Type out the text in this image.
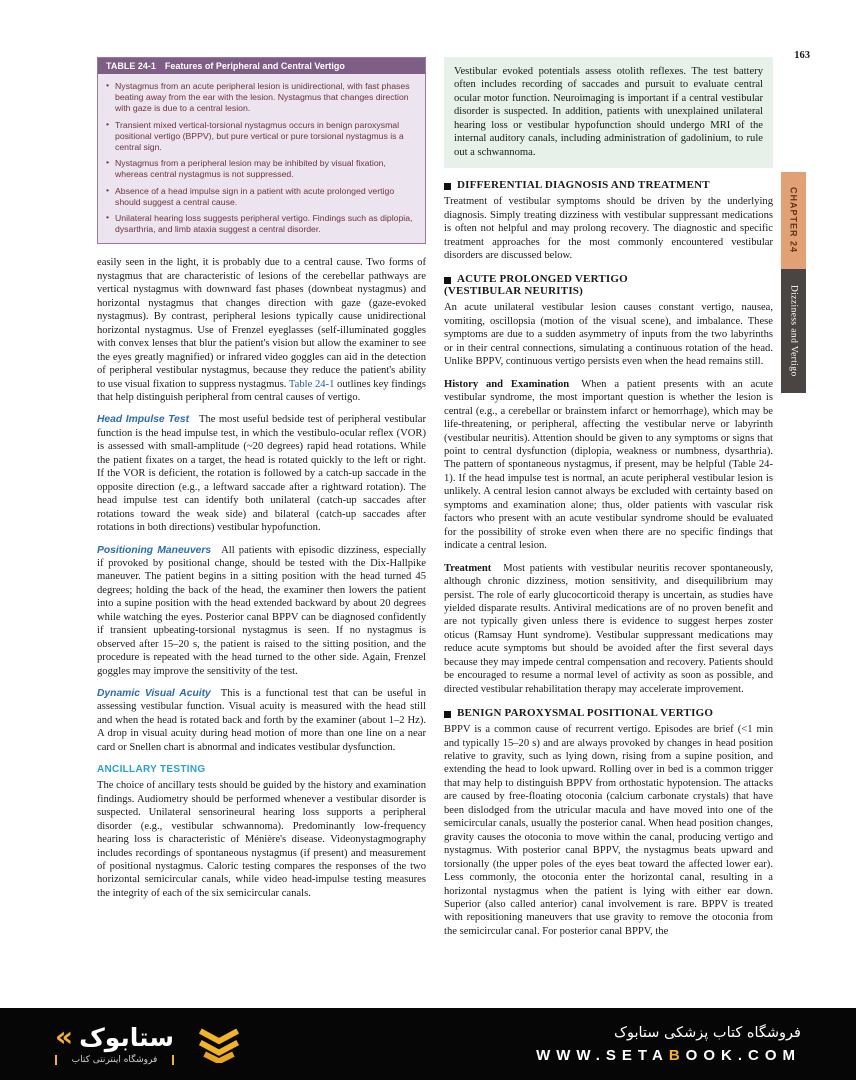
163
CHAPTER 24
Dizziness and Vertigo
TABLE 24-1 Features of Peripheral and Central Vertigo
• Nystagmus from an acute peripheral lesion is unidirectional, with fast phases beating away from the ear with the lesion. Nystagmus that changes direction with gaze is due to a central lesion.
• Transient mixed vertical-torsional nystagmus occurs in benign paroxysmal positional vertigo (BPPV), but pure vertical or pure torsional nystagmus is a central sign.
• Nystagmus from a peripheral lesion may be inhibited by visual fixation, whereas central nystagmus is not suppressed.
• Absence of a head impulse sign in a patient with acute prolonged vertigo should suggest a central cause.
• Unilateral hearing loss suggests peripheral vertigo. Findings such as diplopia, dysarthria, and limb ataxia suggest a central disorder.

easily seen in the light, it is probably due to a central cause. Two forms of nystagmus that are characteristic of lesions of the cerebellar pathways are vertical nystagmus with downward fast phases (downbeat nystagmus) and horizontal nystagmus that changes direction with gaze (gaze-evoked nystagmus). By contrast, peripheral lesions typically cause unidirectional horizontal nystagmus. Use of Frenzel eyeglasses (self-illuminated goggles with convex lenses that blur the patient's vision but allow the examiner to see the eyes greatly magnified) or infrared video goggles can aid in the detection of peripheral vestibular nystagmus, because they reduce the patient's ability to use visual fixation to suppress nystagmus. Table 24-1 outlines key findings that help distinguish peripheral from central causes of vertigo.

Head Impulse Test The most useful bedside test of peripheral vestibular function is the head impulse test, in which the vestibulo-ocular reflex (VOR) is assessed with small-amplitude (~20 degrees) rapid head rotations. While the patient fixates on a target, the head is rotated quickly to the left or right. If the VOR is deficient, the rotation is followed by a catch-up saccade in the opposite direction (e.g., a leftward saccade after a rightward rotation). The head impulse test can identify both unilateral (catch-up saccades after rotations toward the weak side) and bilateral (catch-up saccades after rotations in both directions) vestibular hypofunction.

Positioning Maneuvers All patients with episodic dizziness, especially if provoked by positional change, should be tested with the Dix-Hallpike maneuver. The patient begins in a sitting position with the head turned 45 degrees; holding the back of the head, the examiner then lowers the patient into a supine position with the head extended backward by about 20 degrees while watching the eyes. Posterior canal BPPV can be diagnosed confidently if transient upbeating-torsional nystagmus is seen. If no nystagmus is observed after 15–20 s, the patient is raised to the sitting position, and the procedure is repeated with the head turned to the other side. Again, Frenzel goggles may improve the sensitivity of the test.

Dynamic Visual Acuity This is a functional test that can be useful in assessing vestibular function. Visual acuity is measured with the head still and when the head is rotated back and forth by the examiner (about 1–2 Hz). A drop in visual acuity during head motion of more than one line on a near card or Snellen chart is abnormal and indicates vestibular dysfunction.

ANCILLARY TESTING

The choice of ancillary tests should be guided by the history and examination findings. Audiometry should be performed whenever a vestibular disorder is suspected. Unilateral sensorineural hearing loss supports a peripheral disorder (e.g., vestibular schwannoma). Predominantly low-frequency hearing loss is characteristic of Ménière's disease. Videonystagmography includes recordings of spontaneous nystagmus (if present) and measurement of positional nystagmus. Caloric testing compares the responses of the two horizontal semicircular canals, while video head-impulse testing measures the integrity of each of the six semicircular canals.

Vestibular evoked potentials assess otolith reflexes. The test battery often includes recording of saccades and pursuit to evaluate central ocular motor function. Neuroimaging is important if a central vestibular disorder is suspected. In addition, patients with unexplained unilateral hearing loss or vestibular hypofunction should undergo MRI of the internal auditory canals, including administration of gadolinium, to rule out a schwannoma.
DIFFERENTIAL DIAGNOSIS AND TREATMENT

Treatment of vestibular symptoms should be driven by the underlying diagnosis. Simply treating dizziness with vestibular suppressant medications is often not helpful and may prolong recovery. The diagnostic and specific treatment approaches for the most commonly encountered vestibular disorders are discussed below.

ACUTE PROLONGED VERTIGO
(VESTIBULAR NEURITIS)

An acute unilateral vestibular lesion causes constant vertigo, nausea, vomiting, oscillopsia (motion of the visual scene), and imbalance. These symptoms are due to a sudden asymmetry of inputs from the two labyrinths or in their central connections, simulating a continuous rotation of the head. Unlike BPPV, continuous vertigo persists even when the head remains still.

History and Examination When a patient presents with an acute vestibular syndrome, the most important question is whether the lesion is central (e.g., a cerebellar or brainstem infarct or hemorrhage), which may be life-threatening, or peripheral, affecting the vestibular nerve or labyrinth (vestibular neuritis). Attention should be given to any symptoms or signs that point to central dysfunction (diplopia, weakness or numbness, dysarthria). The pattern of spontaneous nystagmus, if present, may be helpful (Table 24-1). If the head impulse test is normal, an acute peripheral vestibular lesion is unlikely. A central lesion cannot always be excluded with certainty based on symptoms and examination alone; thus, older patients with vascular risk factors who present with an acute vestibular syndrome should be evaluated for the possibility of stroke even when there are no specific findings that indicate a central lesion.

Treatment Most patients with vestibular neuritis recover spontaneously, although chronic dizziness, motion sensitivity, and disequilibrium may persist. The role of early glucocorticoid therapy is uncertain, as studies have yielded disparate results. Antiviral medications are of no proven benefit and are not typically given unless there is evidence to suggest herpes zoster oticus (Ramsay Hunt syndrome). Vestibular suppressant medications may reduce acute symptoms but should be avoided after the first several days because they may impede central compensation and recovery. Patients should be encouraged to resume a normal level of activity as soon as possible, and directed vestibular rehabilitation therapy may accelerate improvement.

BENIGN PAROXYSMAL POSITIONAL VERTIGO

BPPV is a common cause of recurrent vertigo. Episodes are brief (<1 min and typically 15–20 s) and are always provoked by changes in head position relative to gravity, such as lying down, rising from a supine position, and extending the head to look upward. Rolling over in bed is a common trigger that may help to distinguish BPPV from orthostatic hypotension. The attacks are caused by free-floating otoconia (calcium carbonate crystals) that have been dislodged from the utricular macula and have moved into one of the semicircular canals, usually the posterior canal. When head position changes, gravity causes the otoconia to move within the canal, producing vertigo and nystagmus. With posterior canal BPPV, the nystagmus beats upward and torsionally (the upper poles of the eyes beat toward the affected lower ear). Less commonly, the otoconia enter the horizontal canal, resulting in a horizontal nystagmus when the patient is lying with either ear down. Superior (also called anterior) canal involvement is rare. BPPV is treated with repositioning maneuvers that use gravity to remove the otoconia from the semicircular canal. For posterior canal BPPV, the

« ستابوک
فروشگاه اینترنتی کتاب
فروشگاه کتاب پزشکی ستابوک
WWW.SETABOOK.COM
